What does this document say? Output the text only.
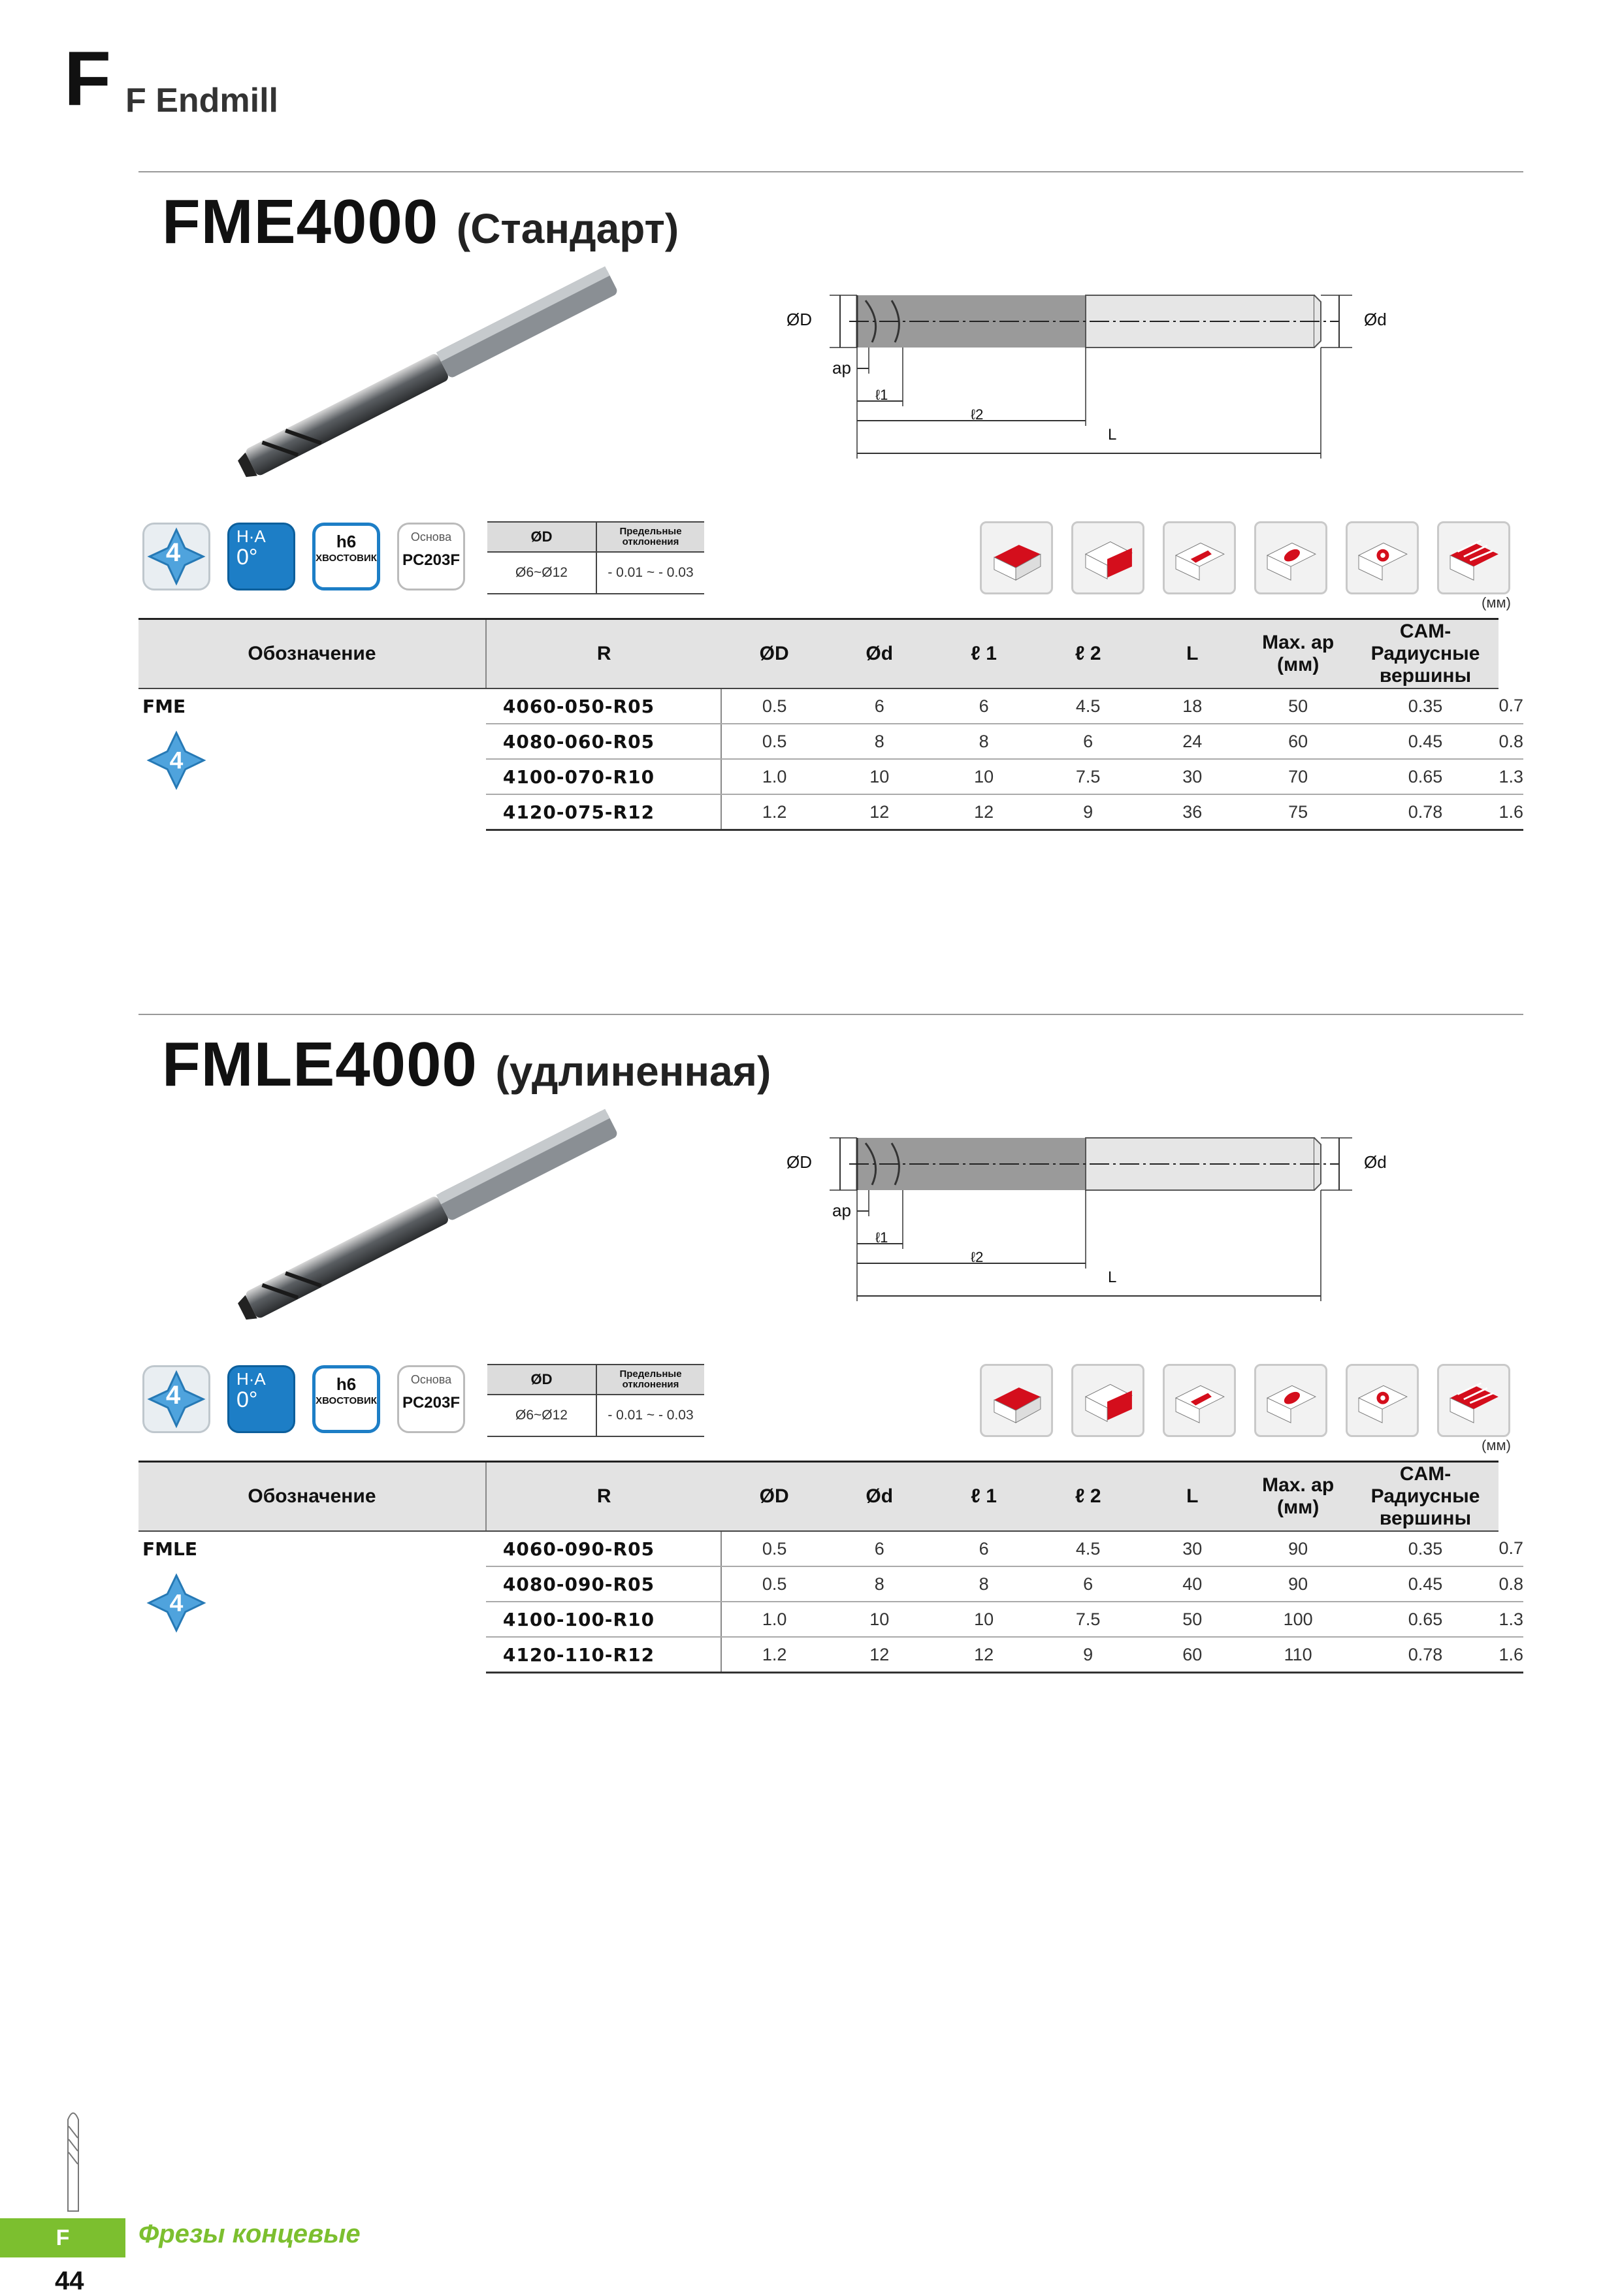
F F Endmill
FME4000 (Стандарт)
ØD	Ød
ap
ℓ1
ℓ2
L
4
H·A
0°
h6
ХВОСТОВИК
Основа
PC203F
ØD	Предельные отклонения
Ø6~Ø12	- 0.01 ~ - 0.03
(мм)
Обозначение	R	ØD	Ød	ℓ 1	ℓ 2	L	Max. ap (мм)	CAM-Радиусные вершины	

FME
4	4060-050-R05	0.5	6	6	4.5	18	50	0.35	0.7
	4080-060-R05	0.5	8	8	6	24	60	0.45	0.8
	4100-070-R10	1.0	10	10	7.5	30	70	0.65	1.3
	4120-075-R12	1.2	12	12	9	36	75	0.78	1.6
FMLE4000 (удлиненная)
ØD	Ød
ap
ℓ1
ℓ2
L
4
H·A
0°
h6
ХВОСТОВИК
Основа
PC203F
ØD	Предельные отклонения
Ø6~Ø12	- 0.01 ~ - 0.03
(мм)
Обозначение	R	ØD	Ød	ℓ 1	ℓ 2	L	Max. ap (мм)	CAM-Радиусные вершины	

FMLE
4	4060-090-R05	0.5	6	6	4.5	30	90	0.35	0.7
	4080-090-R05	0.5	8	8	6	40	90	0.45	0.8
	4100-100-R10	1.0	10	10	7.5	50	100	0.65	1.3
	4120-110-R12	1.2	12	12	9	60	110	0.78	1.6
F	Фрезы концевые
44
